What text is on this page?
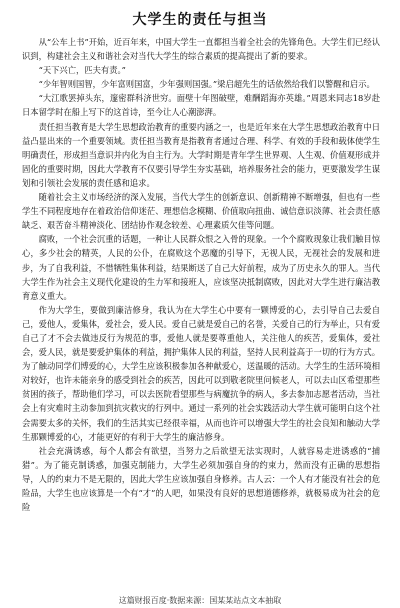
大学生的责任与担当

从“公车上书”开始，近百年来，中国大学生一直都担当着全社会的先锋角色。大学生们已经认识到，构建社会主义和谐社会对当代大学生的综合素质的提高提出了新的要求。

“天下兴亡，匹夫有责。”

“少年智则国智，少年富则国富，少年强则国强。”梁启超先生的话依然给我们以警醒和启示。

“大江歌罢掉头东，邃密群科济世穷。面壁十年图破壁，难酬蹈海亦英雄。”周恩来同志18岁赴日本留学时在船上写下的这首诗，至今让人心潮澎湃。

责任担当教育是大学生思想政治教育的重要内涵之一，也是近年来在大学生思想政治教育中日益凸显出来的一个重要领域。责任担当教育是指教育者通过合理、科学、有效的手段和载体使学生明确责任，形成担当意识并内化为自主行为。大学时期是青年学生世界观、人生观、价值观形成并固化的重要时期，因此大学教育不仅要引导学生夯实基础，培养服务社会的能力，更要激发学生谋划和引领社会发展的责任感和追求。

随着社会主义市场经济的深入发展，当代大学生的创新意识、创新精神不断增强，但也有一些学生不同程度地存在着政治信仰迷茫、理想信念模糊、价值取向扭曲、诚信意识淡薄、社会责任感缺乏、艰苦奋斗精神淡化、团结协作观念较差、心理素质欠佳等问题。

腐败，一个社会沉重的话题，一种让人民群众恨之入骨的现象。一个个腐败现象让我们触目惊心，多少社会的精英，人民的公仆，在腐败这个恶魔的引导下，无视人民，无视社会的发展和进步，为了自我利益，不惜牺牲集体利益，结果断送了自己大好前程，成为了历史永久的罪人。当代大学生作为社会主义现代化建设的生力军和接班人，应该坚决抵制腐败，因此对大学生进行廉洁教育意义重大。

作为大学生，要做到廉洁修身，我认为在大学生心中要有一颗博爱的心，去引导自己去爱自己，爱他人，爱集体，爱社会，爱人民。爱自己就是爱自己的名誉，关爱自己的行为举止，只有爱自己了才不会去做违反行为规范的事，爱他人就是要尊重他人，关注他人的疾苦，爱集体，爱社会，爱人民，就是要爱护集体的利益，拥护集体人民的利益，坚持人民利益高于一切的行为方式。为了触动同学们博爱的心，大学生应该积极参加各种献爱心，送温暖的活动。大学生的生活环境相对较好，也许未能亲身的感受到社会的疾苦，因此可以到敬老院里问候老人，可以去山区希望那些贫困的孩子，帮助他们学习，可以去医院看望那些与病魔抗争的病人，多去参加志愿者活动，当社会上有灾难时主动参加到抗灾救灾的行列中。通过一系列的社会实践活动大学生就可能明白这个社会需要太多的关怀，我们的生活其实已经很幸福，从而也许可以增强大学生的社会良知和触动大学生那颗博爱的心，才能更好的有利于大学生的廉洁修身。

社会充满诱惑，每个人都会有欲望，当努力之后欲望无法实现时，人就容易走进诱惑的“捕猎”。为了能克制诱惑，加强克制能力，大学生必须加强自身的约束力，然而没有正确的思想指导，人的约束力不是无限的，因此大学生应该加强自身修养。古人云：一个人有才能没有社会的危险品，大学生也应该算是一个有“才”的人吧，如果没有良好的思想道德修养，就极易成为社会的危险

这篇财报百度·数据来源：国某某站点文本抽取
